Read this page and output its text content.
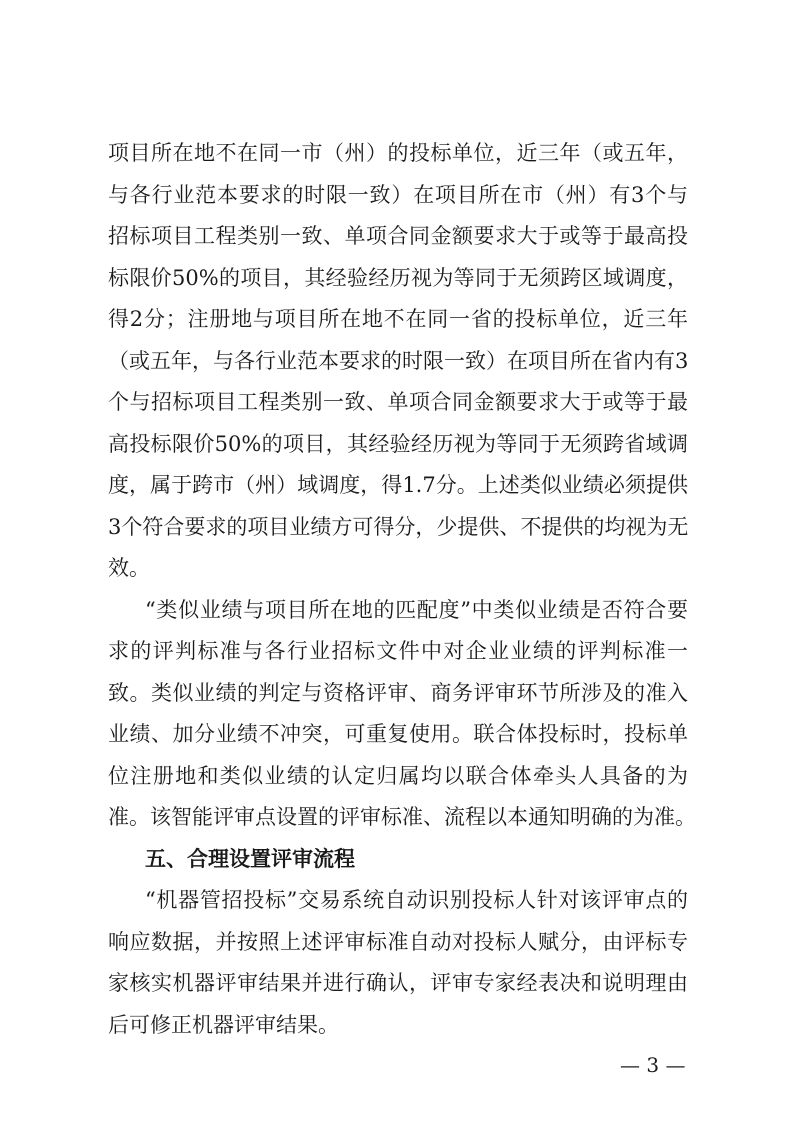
项目所在地不在同一市（州）的投标单位，近三年（或五年，
与各行业范本要求的时限一致）在项目所在市（州）有3个与
招标项目工程类别一致、单项合同金额要求大于或等于最高投
标限价50%的项目，其经验经历视为等同于无须跨区域调度，
得2分；注册地与项目所在地不在同一省的投标单位，近三年
（或五年，与各行业范本要求的时限一致）在项目所在省内有3
个与招标项目工程类别一致、单项合同金额要求大于或等于最
高投标限价50%的项目，其经验经历视为等同于无须跨省域调
度，属于跨市（州）域调度，得1.7分。上述类似业绩必须提供
3个符合要求的项目业绩方可得分，少提供、不提供的均视为无
效。
“类似业绩与项目所在地的匹配度”中类似业绩是否符合要
求的评判标准与各行业招标文件中对企业业绩的评判标准一
致。类似业绩的判定与资格评审、商务评审环节所涉及的准入
业绩、加分业绩不冲突，可重复使用。联合体投标时，投标单
位注册地和类似业绩的认定归属均以联合体牵头人具备的为
准。该智能评审点设置的评审标准、流程以本通知明确的为准。
五、合理设置评审流程
“机器管招投标”交易系统自动识别投标人针对该评审点的
响应数据，并按照上述评审标准自动对投标人赋分，由评标专
家核实机器评审结果并进行确认，评审专家经表决和说明理由
后可修正机器评审结果。
— 3 —
